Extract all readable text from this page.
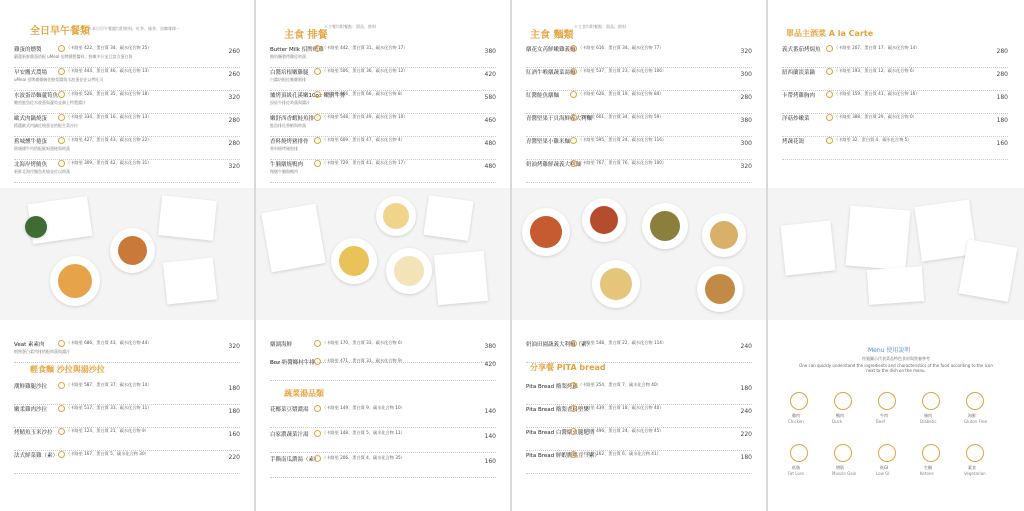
全日早午餐類
＊本日早午餐隨均附飲料，紅茶、綠茶、黑咖啡擇一
雞蛋的燻製	（卡路里 422、蛋白質 34、碳水化合物 25）
嚴選新鮮雞蛋搭配 uMeal 招牌燻製醬料，鮮嫩多汁並且富含蛋白質
260
早安鷹式農場	（卡路里 444、蛋白質 46、碳水化合物 13）
uMeal 招牌燻雞胸佐酪梨醬與水波蛋並佐以烤吐司
260
水波蛋昂麵蘆筍魚 （卡路里 526、蛋白質 35、碳水化合物 18）
嫩煎鮭魚佐水波蛋與蘆筍並淋上特製醬汁
320
歐式肉鍋燒蛋	（卡路里 334、蛋白質 16、碳水化合物 13）
精選歐式肉鍋佐燒蛋並搭配生菜沙拉
280
舊城燻牛捲蛋	（卡路里 427、蛋白質 43、碳水化合物 22）
舊城燻牛肉搭配歐姆蛋捲與時蔬
280
北海岸烤鯖魚	（卡路里 309、蛋白質 42、碳水化合物 31）
新鮮北海岸鯖魚炙燒並佐以時蔬
320
輕食麵 沙拉與湯沙拉
Veat 素素肉	（卡路里 686、蛋白質 43、碳水化合物 44）
植物蛋白素肉排搭配時蔬與醬汁
320
潮鮮雞腿沙拉	（卡路里 587、蛋白質 37、碳水化合物 14）
180
嫩柔雞肉沙拉	（卡路里 517、蛋白質 33、碳水化合物 11）
180
烤鯖魚玉米沙拉	（卡路里 124、蛋白質 21、碳水化合物 9）
160
法式鮮菜雞（素） （卡路里 167、蛋白質 5、碳水化合物 30）
220
主食 排餐
＊主餐均附餐點：湯品、飲料
Butter Milk 招牌烤雞
（卡路里 442、蛋白質 31、碳水化合物 17）
酪奶醃製烤雞佐時蔬
380
白醬培根嫩雞腿	（卡路里 506、蛋白質 36、碳水化合物 12）
白醬培根佐嫩雞腿排
420
爐烤頂級孔溪嫩10oz 嫩廚牛排
（卡路里 666、蛋白質 66、碳水化合物 8）
頂級牛排佐時蔬與醬汁
580
嫩舒西香蝦鮭魚排 （卡路里 548、蛋白質 49、碳水化合物 10）
鮭魚排佐香蝦與時蔬
460
香料燒烤豬排骨	（卡路里 609、蛋白質 47、碳水化合物 4）
香料燒烤豬肋排
480
牛腩燉燒鴨肉	（卡路里 729、蛋白質 41、碳水化合物 17）
慢燉牛腩與鴨肉
480
蔬菜湯品類
燉湖海鮮	（卡路里 170、蛋白質 33、碳水化合物 6）
380
Boz 奶醬鄉村牛排 （卡路里 471、蛋白質 31、碳水化合物 9）
420
花椰菜豆漿濃湯	（卡路里 149、蛋白質 9、碳水化合物 10）
140
白家濃蔬菜汁湯	（卡路里 148、蛋白質 5、碳水化合物 11）
140
手撕南瓜濃湯（素） （卡路里 206、蛋白質 4、碳水化合物 35）
160
主食 麵類
＊主食均附餐點：湯品、飲料
燉花女芮鮮嫩雞義麵 （卡路里 616、蛋白質 34、碳水化合物 77）
320
紅酒牛喉燉蔬菜湯麵 （卡路里 537、蛋白質 23、碳水化合物 106）
300
紅醬鮭魚燉麵	（卡路里 626、蛋白質 19、碳水化合物 84）
280
青醬堅果干貝海鮮義大利麵
（卡路里 601、蛋白質 34、碳水化合物 59）
380
青醬堅果小雞米麵 （卡路里 595、蛋白質 24、碳水化合物 116）
300
奶油烤雞鮮蔬義大利麵
（卡路里 767、蛋白質 76、碳水化合物 100）
320
分享餐 PITA bread
奶油田園蔬義大利麵（素）
（卡路里 548、蛋白質 22、碳水化合物 114）
240
Pita Bread 酪梨烤雞 （卡路里 254、蛋白質 7、碳水化合物 40）
180
Pita Bread 酪梨香料堅果
（卡路里 439、蛋白質 18、碳水化合物 40）
240
Pita Bread 白醬燉火腿起司
（卡路里 496、蛋白質 24、碳水化合物 45）
220
Pita Bread 鮮蝦鷹嘴豆（素）
（卡路里 162、蛋白質 6、碳水化合物 41）
180
單品主酒菜 A la Carte
義式番茄烤焗魚	（卡路里 207、蛋白質 17、碳水化合物 14）
280
紐西蘭淡菜鍋	（卡路里 193、蛋白質 12、碳水化合物 6）
280
卡帶烤雞胸肉	（卡路里 159、蛋白質 41、碳水化合物 16）
180
洋菇炒嫩菜	（卡路里 388、蛋白質 29、碳水化合物 0）
180
烤蔬花鴿	（卡路里 32、蛋白質 4、碳水化合物 5）
160
Menu 使用說明
符號圖示代表菜品特色食材與營養參考
One can quickly understand the ingredients and characteristics of the food according to the icon next to the dish on the menu.
雞肉
Chicken
鴨肉
Duck
牛肉
Beef
豬肉
Diabetic
海鮮
Gluten Free
低脂
Fat Loss
增肌
Muscle Gain
低GI
Low GI
生酮
Ketone
素食
Vegetarian
